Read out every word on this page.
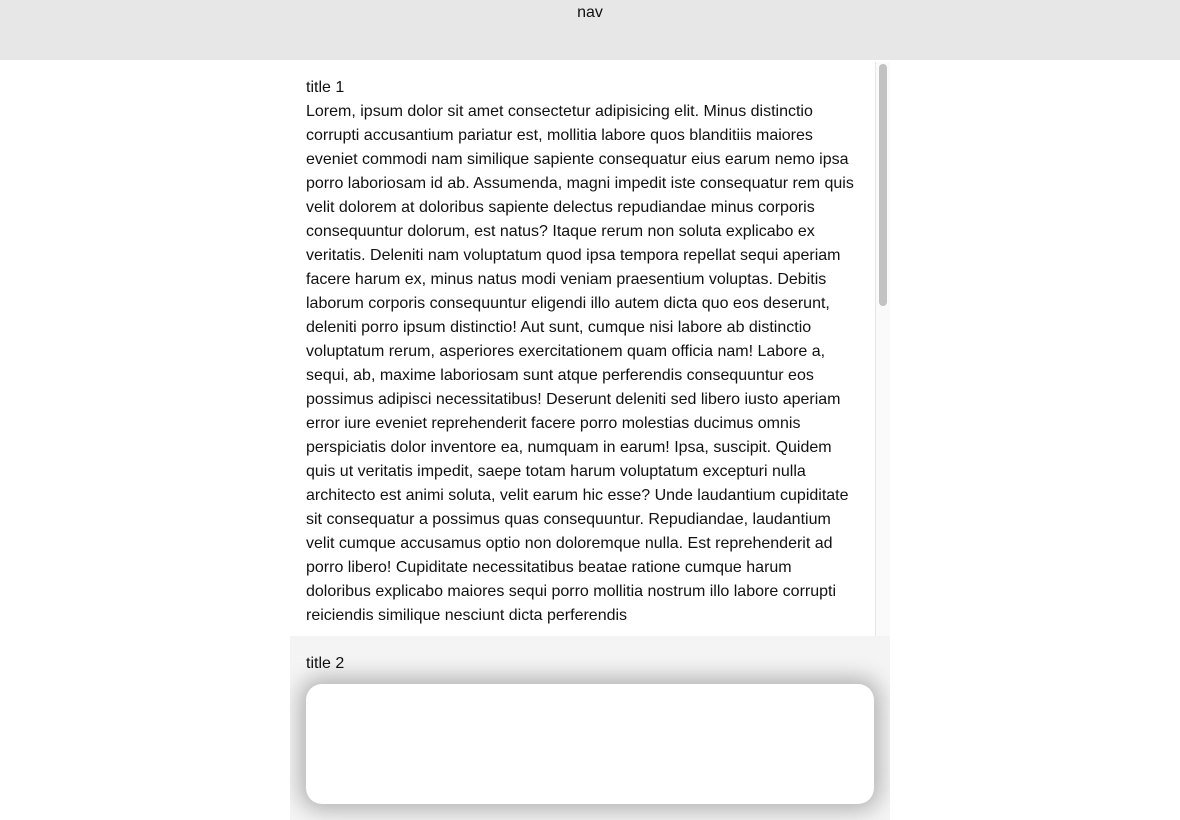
nav
title 1

Lorem, ipsum dolor sit amet consectetur adipisicing elit. Minus distinctio corrupti accusantium pariatur est, mollitia labore quos blanditiis maiores eveniet commodi nam similique sapiente consequatur eius earum nemo ipsa porro laboriosam id ab. Assumenda, magni impedit iste consequatur rem quis velit dolorem at doloribus sapiente delectus repudiandae minus corporis consequuntur dolorum, est natus? Itaque rerum non soluta explicabo ex veritatis. Deleniti nam voluptatum quod ipsa tempora repellat sequi aperiam facere harum ex, minus natus modi veniam praesentium voluptas. Debitis laborum corporis consequuntur eligendi illo autem dicta quo eos deserunt, deleniti porro ipsum distinctio! Aut sunt, cumque nisi labore ab distinctio voluptatum rerum, asperiores exercitationem quam officia nam! Labore a, sequi, ab, maxime laboriosam sunt atque perferendis consequuntur eos possimus adipisci necessitatibus! Deserunt deleniti sed libero iusto aperiam error iure eveniet reprehenderit facere porro molestias ducimus omnis perspiciatis dolor inventore ea, numquam in earum! Ipsa, suscipit. Quidem quis ut veritatis impedit, saepe totam harum voluptatum excepturi nulla architecto est animi soluta, velit earum hic esse? Unde laudantium cupiditate sit consequatur a possimus quas consequuntur. Repudiandae, laudantium velit cumque accusamus optio non doloremque nulla. Est reprehenderit ad porro libero! Cupiditate necessitatibus beatae ratione cumque harum doloribus explicabo maiores sequi porro mollitia nostrum illo labore corrupti reiciendis similique nesciunt dicta perferendis

title 2
